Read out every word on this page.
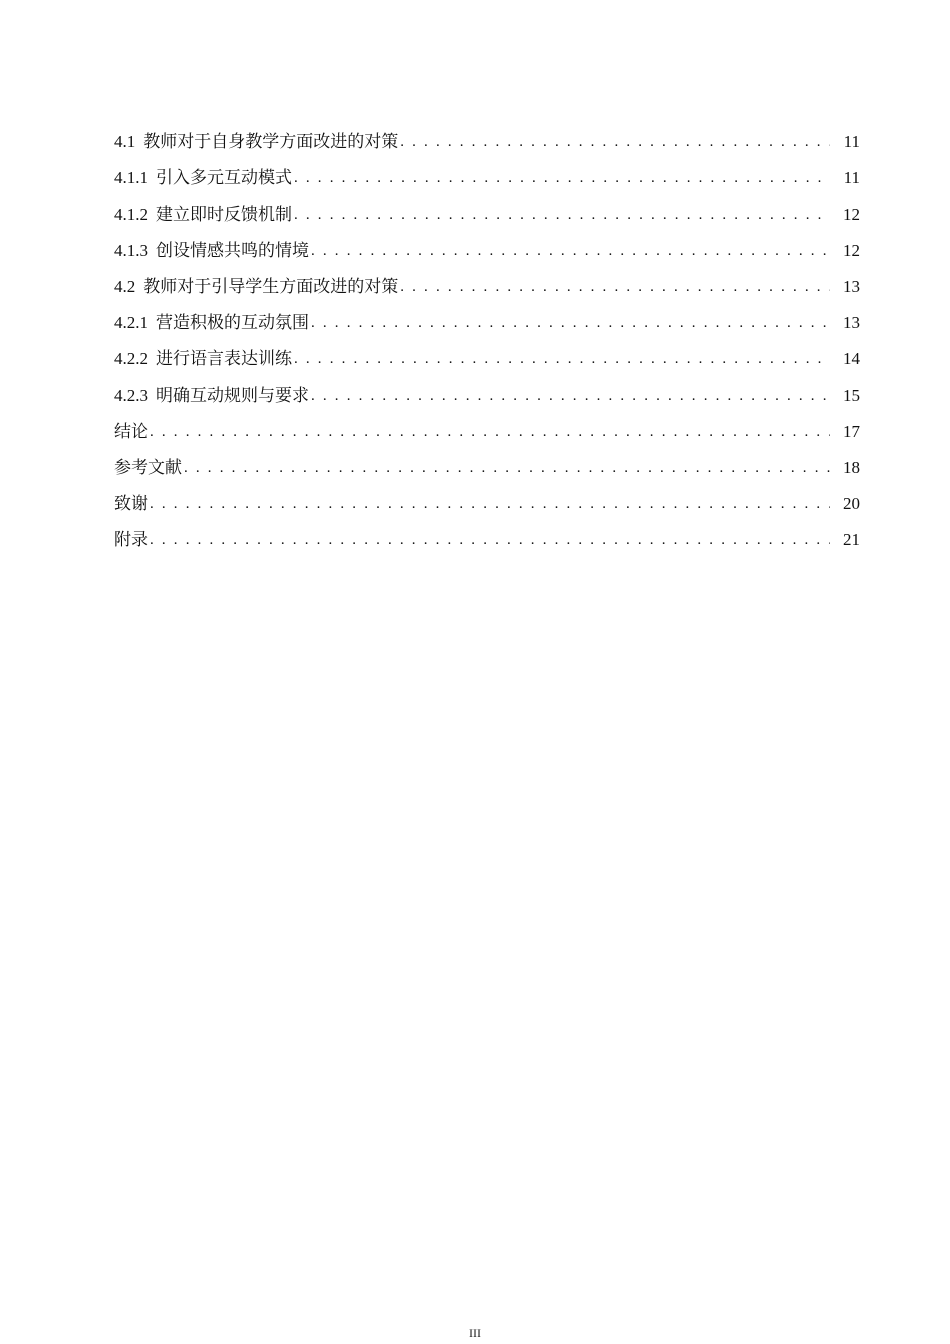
4.1 教师对于自身教学方面改进的对策 . . .	11
4.1.1 引入多元互动模式 . . .	11
4.1.2 建立即时反馈机制 . . .	12
4.1.3 创设情感共鸣的情境 . . .	12
4.2 教师对于引导学生方面改进的对策 . . .	13
4.2.1 营造积极的互动氛围 . . .	13
4.2.2 进行语言表达训练 . . .	14
4.2.3 明确互动规则与要求 . . .	15
结论 . . .	17
参考文献 . . .	18
致谢 . . .	20
附录 . . .	21
III
